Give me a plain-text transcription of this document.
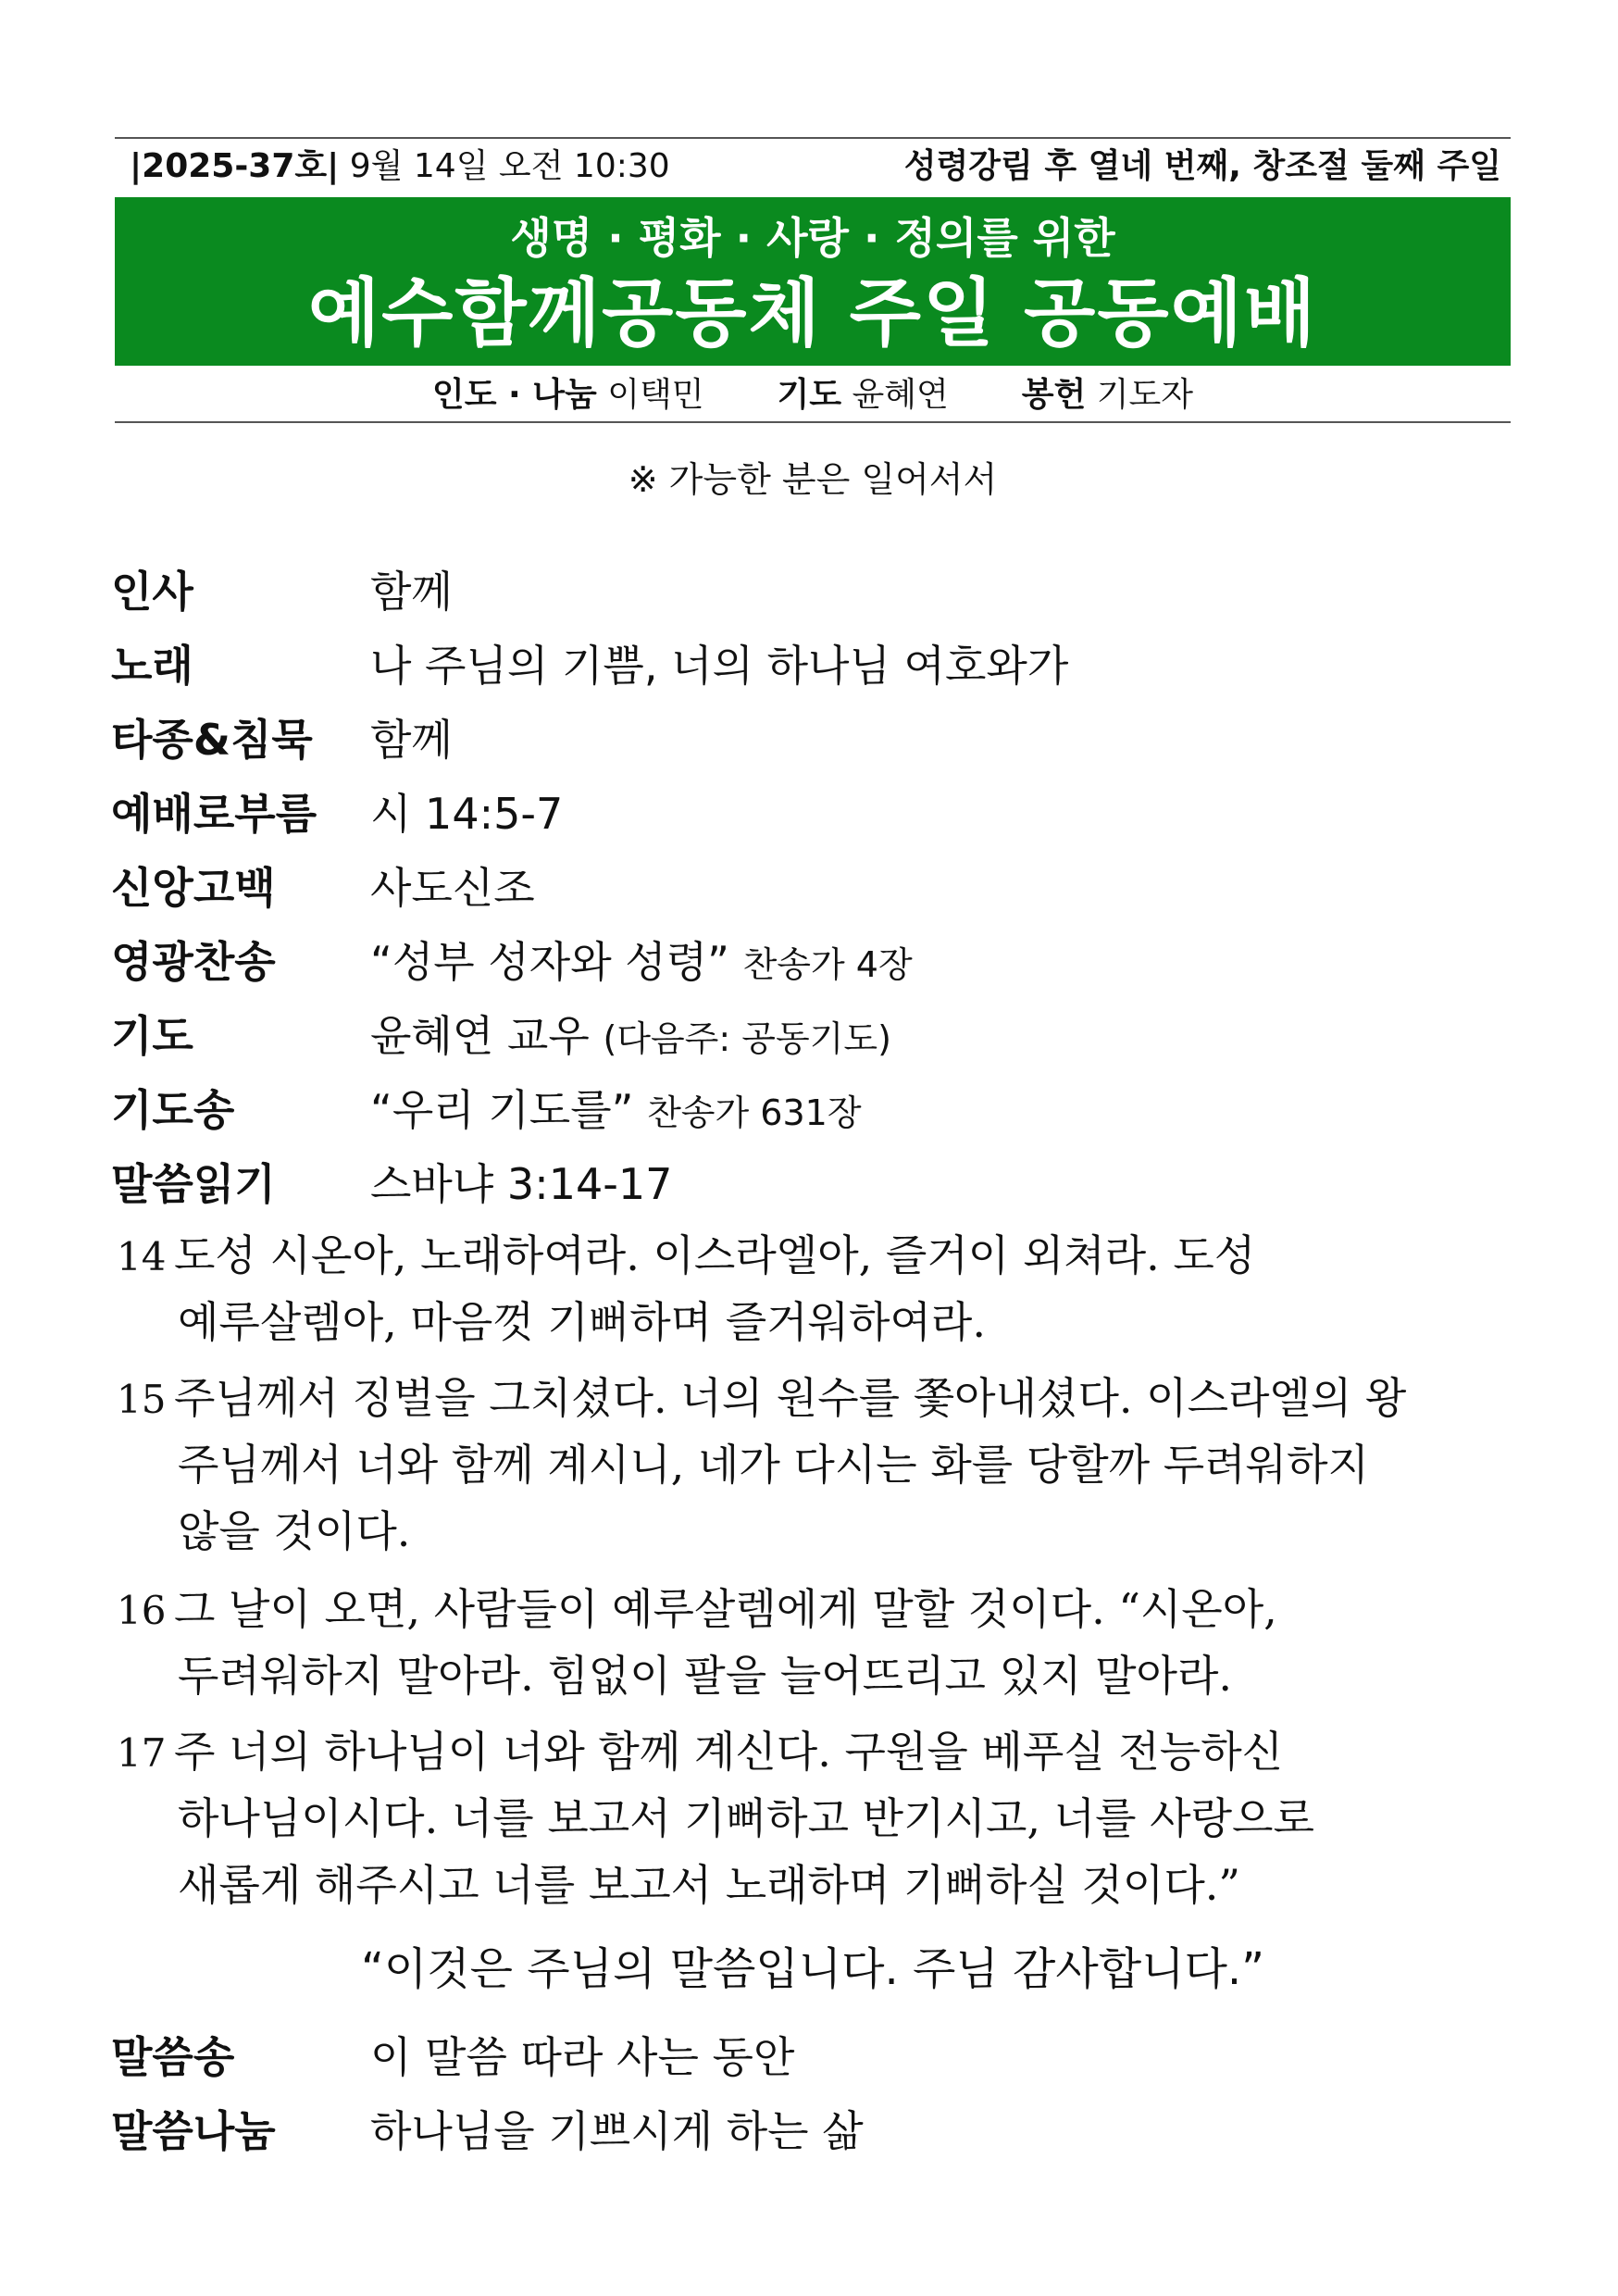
|2025-37호| 9월 14일 오전 10:30	성령강림 후 열네 번째, 창조절 둘째 주일
생명 · 평화 · 사랑 · 정의를 위한
예수함께공동체 주일 공동예배
인도 · 나눔 이택민 기도 윤혜연 봉헌 기도자
※ 가능한 분은 일어서서
인사	함께
노래	나 주님의 기쁨, 너의 하나님 여호와가
타종&침묵 함께
예배로부름 시 14:5-7
신앙고백 사도신조
영광찬송 “성부 성자와 성령” 찬송가 4장
기도	윤혜연 교우 (다음주: 공동기도)
기도송	“우리 기도를” 찬송가 631장
말씀읽기 스바냐 3:14-17
14 도성 시온아, 노래하여라. 이스라엘아, 즐거이 외쳐라. 도성
예루살렘아, 마음껏 기뻐하며 즐거워하여라.
15 주님께서 징벌을 그치셨다. 너의 원수를 쫓아내셨다. 이스라엘의 왕
주님께서 너와 함께 계시니, 네가 다시는 화를 당할까 두려워하지
않을 것이다.
16 그 날이 오면, 사람들이 예루살렘에게 말할 것이다. “시온아,
두려워하지 말아라. 힘없이 팔을 늘어뜨리고 있지 말아라.
17 주 너의 하나님이 너와 함께 계신다. 구원을 베푸실 전능하신
하나님이시다. 너를 보고서 기뻐하고 반기시고, 너를 사랑으로
새롭게 해주시고 너를 보고서 노래하며 기뻐하실 것이다.”
“이것은 주님의 말씀입니다. 주님 감사합니다.”
말씀송	이 말씀 따라 사는 동안
말씀나눔 하나님을 기쁘시게 하는 삶
